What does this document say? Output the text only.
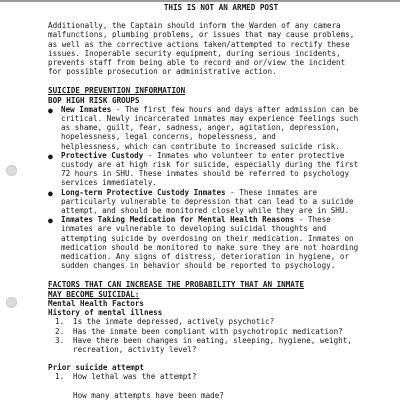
THIS IS NOT AN ARMED POST
Additionally, the Captain should inform the Warden of any camera
malfunctions, plumbing problems, or issues that may cause problems,
as well as the corrective actions taken/attempted to rectify these
issues. Inoperable security equipment, during serious incidents,
prevents staff from being able to record and or/view the incident
for possible prosecution or administrative action.
SUICIDE PREVENTION INFORMATION
BOP HIGH RISK GROUPS
● New Inmates - The first few hours and days after admission can be
critical. Newly incarcerated inmates may experience feelings such
as shame, guilt, fear, sadness, anger, agitation, depression,
hopelessness, legal concerns, hopelessness, and
helplessness, which can contribute to increased suicide risk.
● Protective Custody - Inmates who volunteer to enter protective
custody are at high risk for suicide, especially during the first
72 hours in SHU. These inmates should be referred to psychology
services immediately.
● Long-term Protective Custody Inmates - These inmates are
particularly vulnerable to depression that can lead to a suicide
attempt, and should be monitored closely while they are in SHU.
● Inmates Taking Medication for Mental Health Reasons - These
inmates are vulnerable to developing suicidal thoughts and
attempting suicide by overdosing on their medication. Inmates on
medication should be monitored to make sure they are not hoarding
medication. Any signs of distress, deterioration in hygiene, or
sudden changes in behavior should be reported to psychology.
FACTORS THAT CAN INCREASE THE PROBABILITY THAT AN INMATE
MAY BECOME SUICIDAL:
Mental Health Factors
History of mental illness
1. Is the inmate depressed, actively psychotic?
2. Has the inmate been compliant with psychotropic medication?
3. Have there been changes in eating, sleeping, hygiene, weight,
recreation, activity level?
Prior suicide attempt
1. How lethal was the attempt?
How many attempts have been made?
